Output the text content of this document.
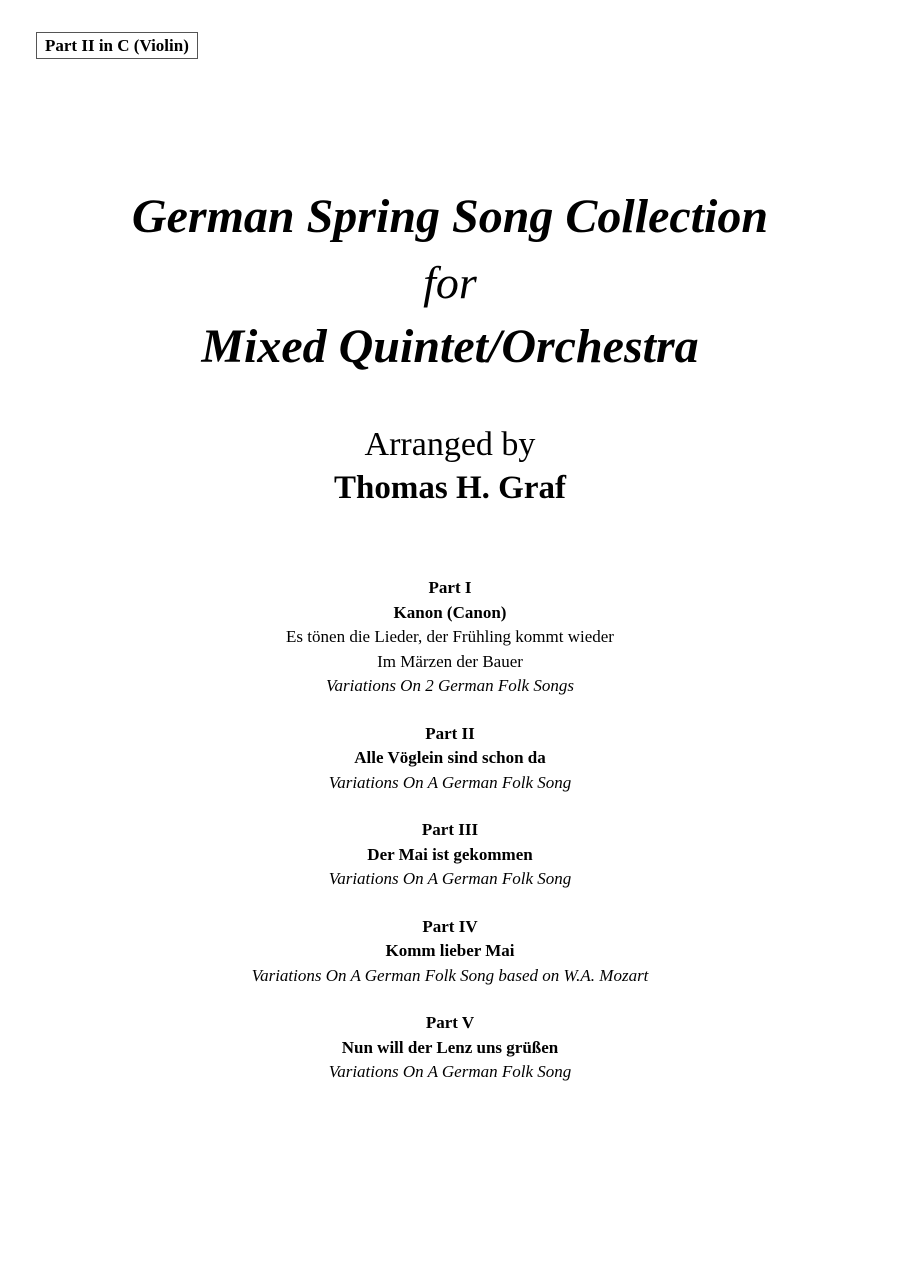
Part II in C (Violin)
German Spring Song Collection
for
Mixed Quintet/Orchestra
Arranged by
Thomas H. Graf
Part I
Kanon (Canon)
Es tönen die Lieder, der Frühling kommt wieder
Im Märzen der Bauer
Variations On 2 German Folk Songs
Part II
Alle Vöglein sind schon da
Variations On A German Folk Song
Part III
Der Mai ist gekommen
Variations On A German Folk Song
Part IV
Komm lieber Mai
Variations On A German Folk Song based on W.A. Mozart
Part V
Nun will der Lenz uns grüßen
Variations On A German Folk Song
